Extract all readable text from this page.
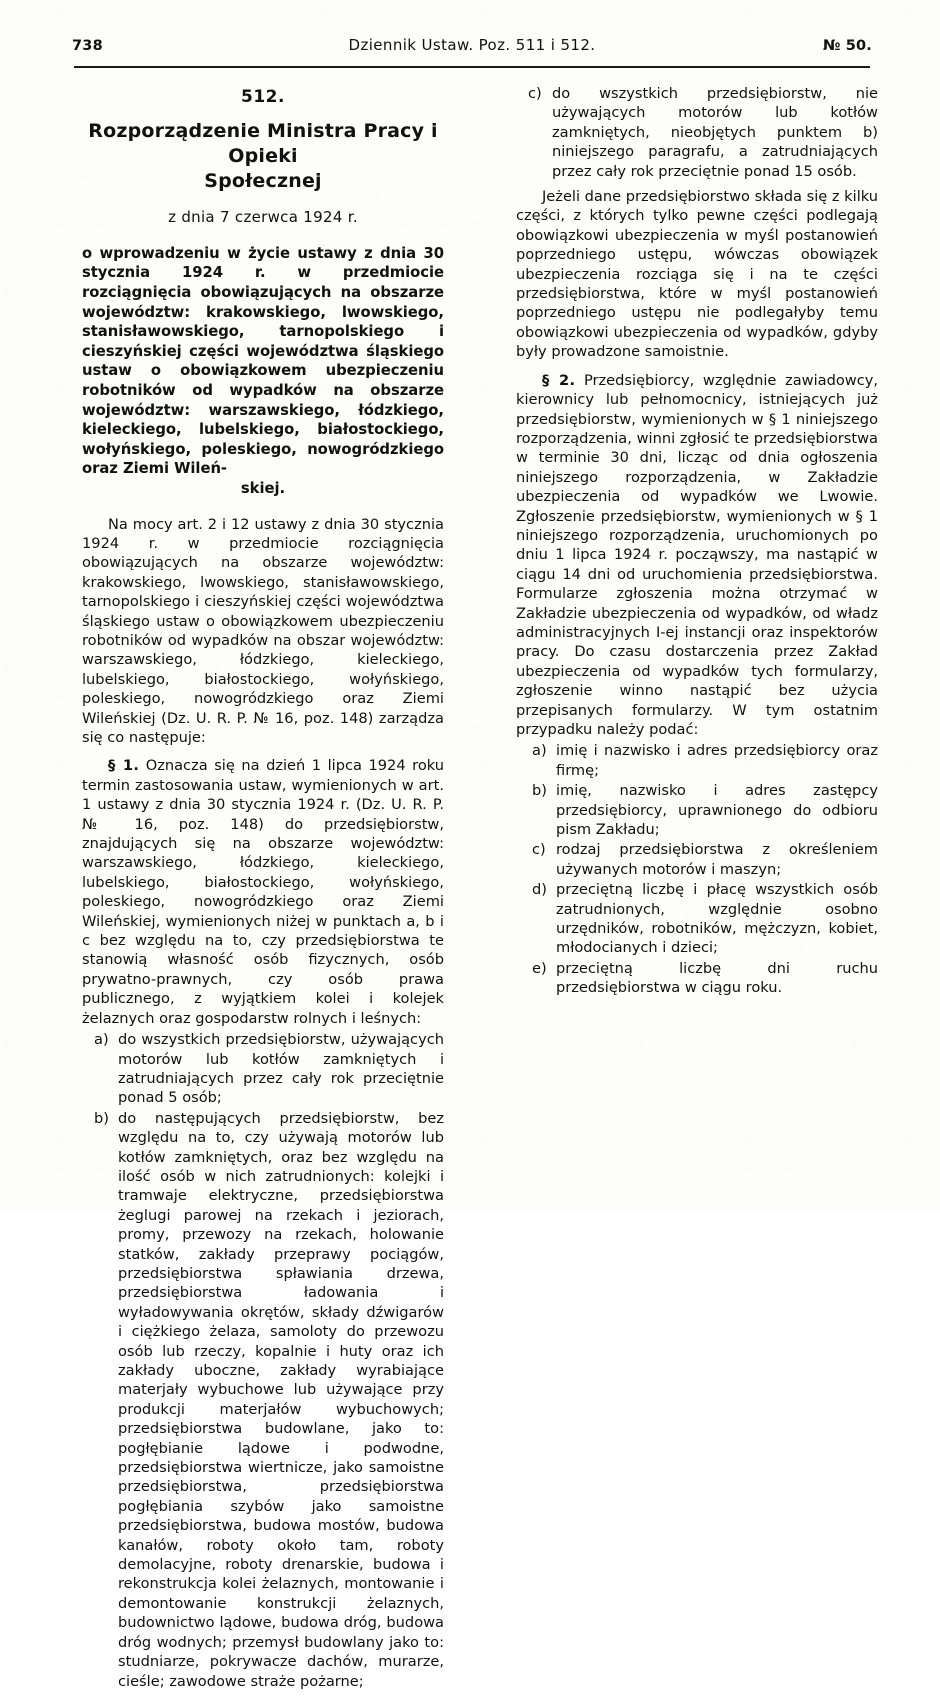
738	Dziennik Ustaw. Poz. 511 i 512.	№ 50.
512.
Rozporządzenie Ministra Pracy i Opieki
Społecznej
z dnia 7 czerwca 1924 r.
o wprowadzeniu w życie ustawy z dnia 30 stycznia 1924 r. w przedmiocie rozciągnięcia obowiązujących na obszarze województw: krakowskiego, lwowskiego, stanisławowskiego, tarnopolskiego i cieszyńskiej części województwa śląskiego ustaw o obowiązkowem ubezpieczeniu robotników od wypadków na obszarze województw: warszawskiego, łódzkiego, kieleckiego, lubelskiego, białostockiego, wołyńskiego, poleskiego, nowogródzkiego oraz Ziemi Wileń-
skiej.

Na mocy art. 2 i 12 ustawy z dnia 30 stycznia 1924 r. w przedmiocie rozciągnięcia obowiązujących na obszarze województw: krakowskiego, lwowskiego, stanisławowskiego, tarnopolskiego i cieszyńskiej części województwa śląskiego ustaw o obowiązkowem ubezpieczeniu robotników od wypadków na obszar województw: warszawskiego, łódzkiego, kieleckiego, lubelskiego, białostockiego, wołyńskiego, poleskiego, nowogródzkiego oraz Ziemi Wileńskiej (Dz. U. R. P. № 16, poz. 148) zarządza się co następuje:

§ 1. Oznacza się na dzień 1 lipca 1924 roku termin zastosowania ustaw, wymienionych w art. 1 ustawy z dnia 30 stycznia 1924 r. (Dz. U. R. P. № 16, poz. 148) do przedsiębiorstw, znajdujących się na obszarze województw: warszawskiego, łódzkiego, kieleckiego, lubelskiego, białostockiego, wołyńskiego, poleskiego, nowogródzkiego oraz Ziemi Wileńskiej, wymienionych niżej w punktach a, b i c bez względu na to, czy przedsiębiorstwa te stanowią własność osób fizycznych, osób prywatno-prawnych, czy osób prawa publicznego, z wyjątkiem kolei i kolejek żelaznych oraz gospodarstw rolnych i leśnych:

a) do wszystkich przedsiębiorstw, używających motorów lub kotłów zamkniętych i zatrudniających przez cały rok przeciętnie ponad 5 osób;
b) do następujących przedsiębiorstw, bez względu na to, czy używają motorów lub kotłów zamkniętych, oraz bez względu na ilość osób w nich zatrudnionych: kolejki i tramwaje elektryczne, przedsiębiorstwa żeglugi parowej na rzekach i jeziorach, promy, przewozy na rzekach, holowanie statków, zakłady przeprawy pociągów, przedsiębiorstwa spławiania drzewa, przedsiębiorstwa ładowania i wyładowywania okrętów, składy dźwigarów i ciężkiego żelaza, samoloty do przewozu osób lub rzeczy, kopalnie i huty oraz ich zakłady uboczne, zakłady wyrabiające materjały wybuchowe lub używające przy produkcji materjałów wybuchowych; przedsiębiorstwa budowlane, jako to: pogłębianie lądowe i podwodne, przedsiębiorstwa wiertnicze, jako samoistne przedsiębiorstwa, przedsiębiorstwa pogłębiania szybów jako samoistne przedsiębiorstwa, budowa mostów, budowa kanałów, roboty około tam, roboty demolacyjne, roboty drenarskie, budowa i rekonstrukcja kolei żelaznych, montowanie i demontowanie konstrukcji żelaznych, budownictwo lądowe, budowa dróg, budowa dróg wodnych; przemysł budowlany jako to: studniarze, pokrywacze dachów, murarze, cieśle; zawodowe straże pożarne;
c) do wszystkich przedsiębiorstw, nie używających motorów lub kotłów zamkniętych, nieobjętych punktem b) niniejszego paragrafu, a zatrudniających przez cały rok przeciętnie ponad 15 osób.

Jeżeli dane przedsiębiorstwo składa się z kilku części, z których tylko pewne części podlegają obowiązkowi ubezpieczenia w myśl postanowień poprzedniego ustępu, wówczas obowiązek ubezpieczenia rozciąga się i na te części przedsiębiorstwa, które w myśl postanowień poprzedniego ustępu nie podlegałyby temu obowiązkowi ubezpieczenia od wypadków, gdyby były prowadzone samoistnie.

§ 2. Przedsiębiorcy, względnie zawiadowcy, kierownicy lub pełnomocnicy, istniejących już przedsiębiorstw, wymienionych w § 1 niniejszego rozporządzenia, winni zgłosić te przedsiębiorstwa w terminie 30 dni, licząc od dnia ogłoszenia niniejszego rozporządzenia, w Zakładzie ubezpieczenia od wypadków we Lwowie. Zgłoszenie przedsiębiorstw, wymienionych w § 1 niniejszego rozporządzenia, uruchomionych po dniu 1 lipca 1924 r. począwszy, ma nastąpić w ciągu 14 dni od uruchomienia przedsiębiorstwa. Formularze zgłoszenia można otrzymać w Zakładzie ubezpieczenia od wypadków, od władz administracyjnych I-ej instancji oraz inspektorów pracy. Do czasu dostarczenia przez Zakład ubezpieczenia od wypadków tych formularzy, zgłoszenie winno nastąpić bez użycia przepisanych formularzy. W tym ostatnim przypadku należy podać:

a) imię i nazwisko i adres przedsiębiorcy oraz firmę;
b) imię, nazwisko i adres zastępcy przedsiębiorcy, uprawnionego do odbioru pism Zakładu;
c) rodzaj przedsiębiorstwa z określeniem używanych motorów i maszyn;
d) przeciętną liczbę i płacę wszystkich osób zatrudnionych, względnie osobno urzędników, robotników, mężczyzn, kobiet, młodocianych i dzieci;
e) przeciętną liczbę dni ruchu przedsiębiorstwa w ciągu roku.
